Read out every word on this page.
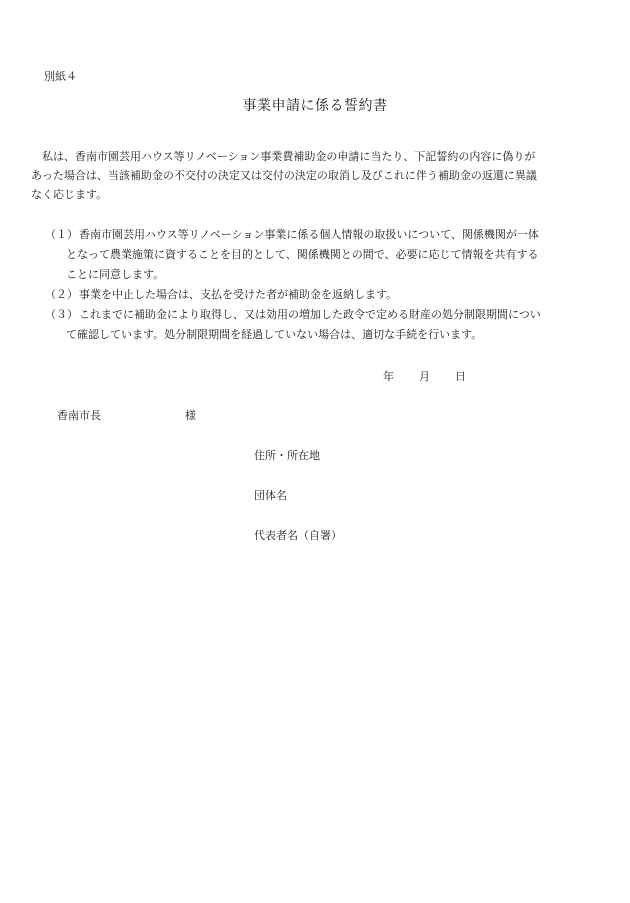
別紙４
事業申請に係る誓約書
　私は、香南市園芸用ハウス等リノベーション事業費補助金の申請に当たり、下記誓約の内容に偽りが
あった場合は、当該補助金の不交付の決定又は交付の決定の取消し及びこれに伴う補助金の返還に異議
なく応じます。
（１） 香南市園芸用ハウス等リノベーション事業に係る個人情報の取扱いについて、関係機関が一体
となって農業施策に資することを目的として、関係機関との間で、必要に応じて情報を共有する
ことに同意します。
（２） 事業を中止した場合は、支払を受けた者が補助金を返納します。
（３） これまでに補助金により取得し、又は効用の増加した政令で定める財産の処分制限期間につい
て確認しています。処分制限期間を経過していない場合は、適切な手続を行います。
年 月 日
香南市長	様
住所・所在地
団体名
代表者名（自署）
